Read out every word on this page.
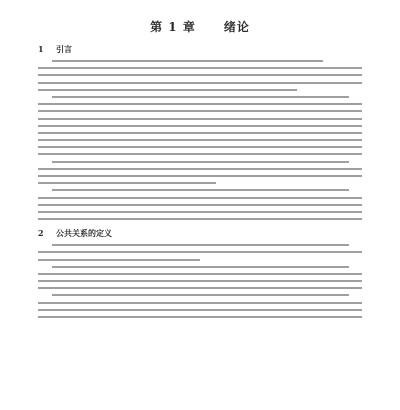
第 1 章 绪论
1 引言
2 公共关系的定义
